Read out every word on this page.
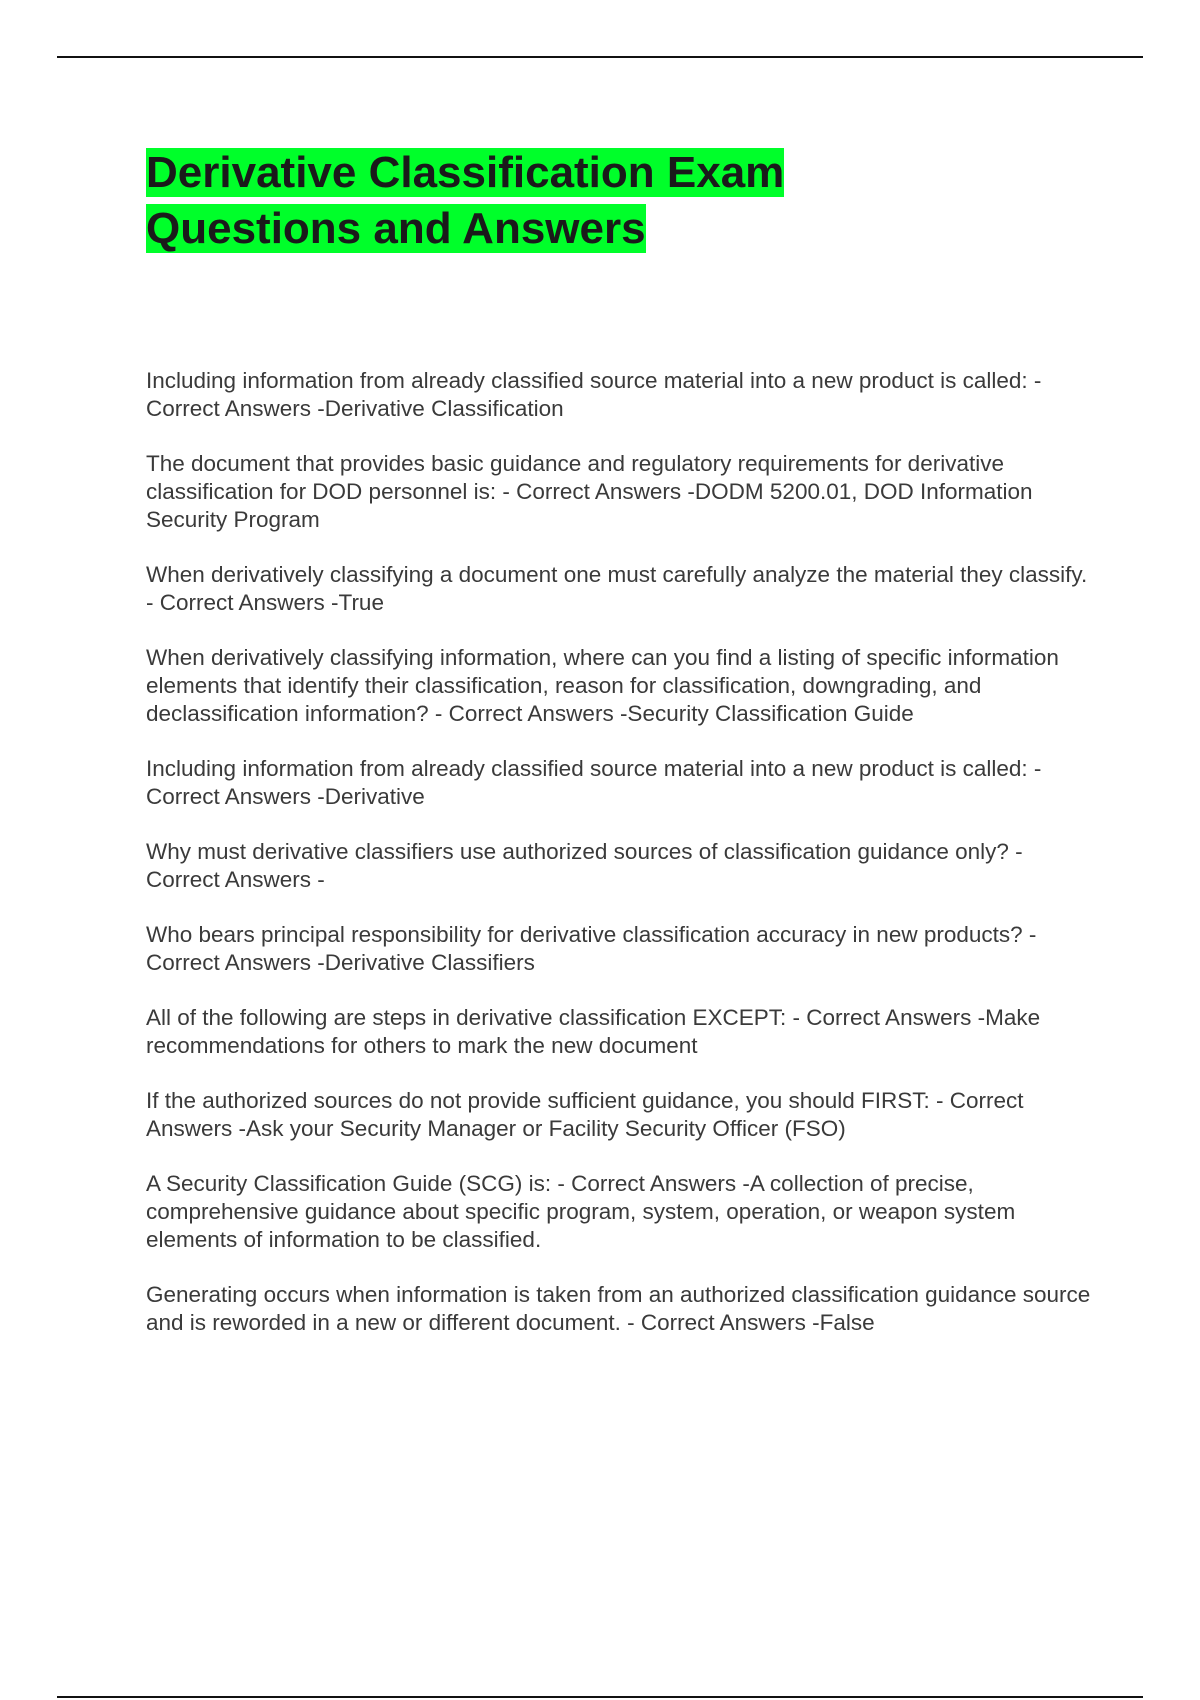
Derivative Classification Exam Questions and Answers

Including information from already classified source material into a new product is called: - Correct Answers -Derivative Classification

The document that provides basic guidance and regulatory requirements for derivative classification for DOD personnel is: - Correct Answers -DODM 5200.01, DOD Information Security Program

When derivatively classifying a document one must carefully analyze the material they classify. - Correct Answers -True

When derivatively classifying information, where can you find a listing of specific information elements that identify their classification, reason for classification, downgrading, and declassification information? - Correct Answers -Security Classification Guide

Including information from already classified source material into a new product is called: - Correct Answers -Derivative

Why must derivative classifiers use authorized sources of classification guidance only? - Correct Answers -

Who bears principal responsibility for derivative classification accuracy in new products? - Correct Answers -Derivative Classifiers

All of the following are steps in derivative classification EXCEPT: - Correct Answers -Make recommendations for others to mark the new document

If the authorized sources do not provide sufficient guidance, you should FIRST: - Correct Answers -Ask your Security Manager or Facility Security Officer (FSO)

A Security Classification Guide (SCG) is: - Correct Answers -A collection of precise, comprehensive guidance about specific program, system, operation, or weapon system elements of information to be classified.

Generating occurs when information is taken from an authorized classification guidance source and is reworded in a new or different document. - Correct Answers -False
